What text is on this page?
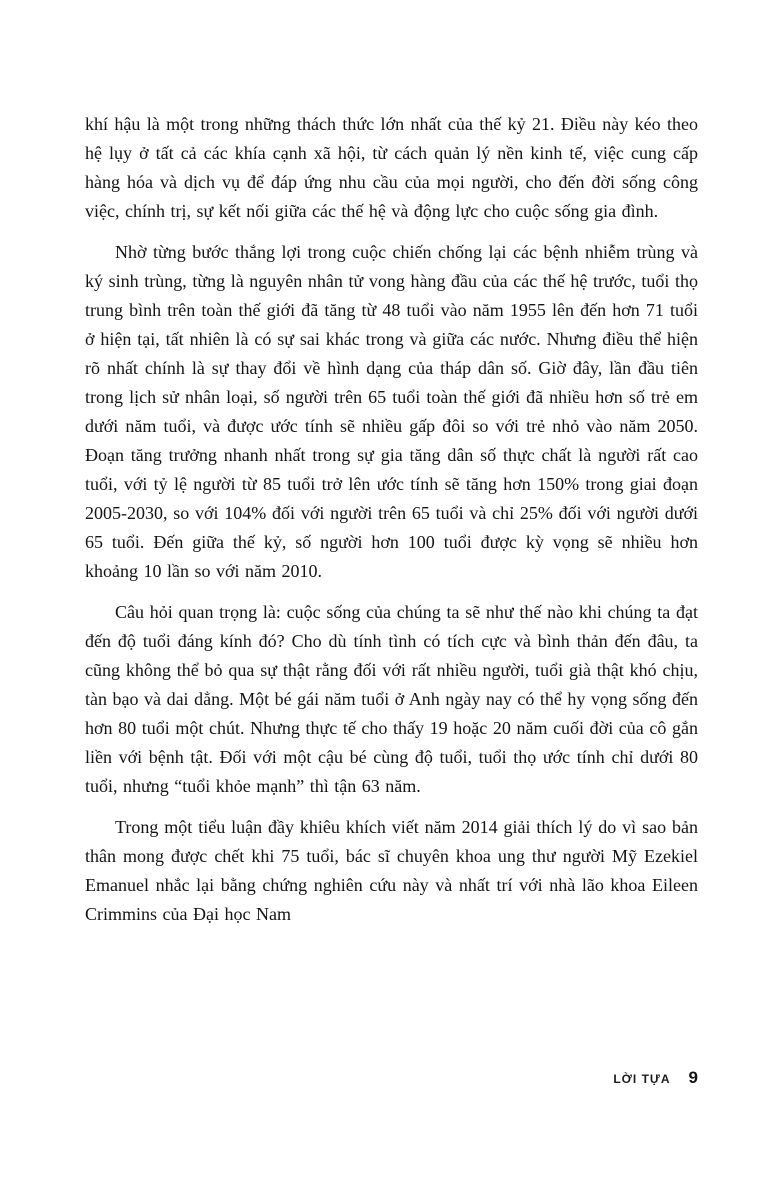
khí hậu là một trong những thách thức lớn nhất của thế kỷ 21. Điều này kéo theo hệ lụy ở tất cả các khía cạnh xã hội, từ cách quản lý nền kinh tế, việc cung cấp hàng hóa và dịch vụ để đáp ứng nhu cầu của mọi người, cho đến đời sống công việc, chính trị, sự kết nối giữa các thế hệ và động lực cho cuộc sống gia đình.

Nhờ từng bước thắng lợi trong cuộc chiến chống lại các bệnh nhiễm trùng và ký sinh trùng, từng là nguyên nhân tử vong hàng đầu của các thế hệ trước, tuổi thọ trung bình trên toàn thế giới đã tăng từ 48 tuổi vào năm 1955 lên đến hơn 71 tuổi ở hiện tại, tất nhiên là có sự sai khác trong và giữa các nước. Nhưng điều thể hiện rõ nhất chính là sự thay đổi về hình dạng của tháp dân số. Giờ đây, lần đầu tiên trong lịch sử nhân loại, số người trên 65 tuổi toàn thế giới đã nhiều hơn số trẻ em dưới năm tuổi, và được ước tính sẽ nhiều gấp đôi so với trẻ nhỏ vào năm 2050. Đoạn tăng trưởng nhanh nhất trong sự gia tăng dân số thực chất là người rất cao tuổi, với tỷ lệ người từ 85 tuổi trở lên ước tính sẽ tăng hơn 150% trong giai đoạn 2005-2030, so với 104% đối với người trên 65 tuổi và chỉ 25% đối với người dưới 65 tuổi. Đến giữa thế kỷ, số người hơn 100 tuổi được kỳ vọng sẽ nhiều hơn khoảng 10 lần so với năm 2010.

Câu hỏi quan trọng là: cuộc sống của chúng ta sẽ như thế nào khi chúng ta đạt đến độ tuổi đáng kính đó? Cho dù tính tình có tích cực và bình thản đến đâu, ta cũng không thể bỏ qua sự thật rằng đối với rất nhiều người, tuổi già thật khó chịu, tàn bạo và dai dẳng. Một bé gái năm tuổi ở Anh ngày nay có thể hy vọng sống đến hơn 80 tuổi một chút. Nhưng thực tế cho thấy 19 hoặc 20 năm cuối đời của cô gắn liền với bệnh tật. Đối với một cậu bé cùng độ tuổi, tuổi thọ ước tính chỉ dưới 80 tuổi, nhưng “tuổi khỏe mạnh” thì tận 63 năm.

Trong một tiểu luận đầy khiêu khích viết năm 2014 giải thích lý do vì sao bản thân mong được chết khi 75 tuổi, bác sĩ chuyên khoa ung thư người Mỹ Ezekiel Emanuel nhắc lại bằng chứng nghiên cứu này và nhất trí với nhà lão khoa Eileen Crimmins của Đại học Nam

LỜI TỰA 9
